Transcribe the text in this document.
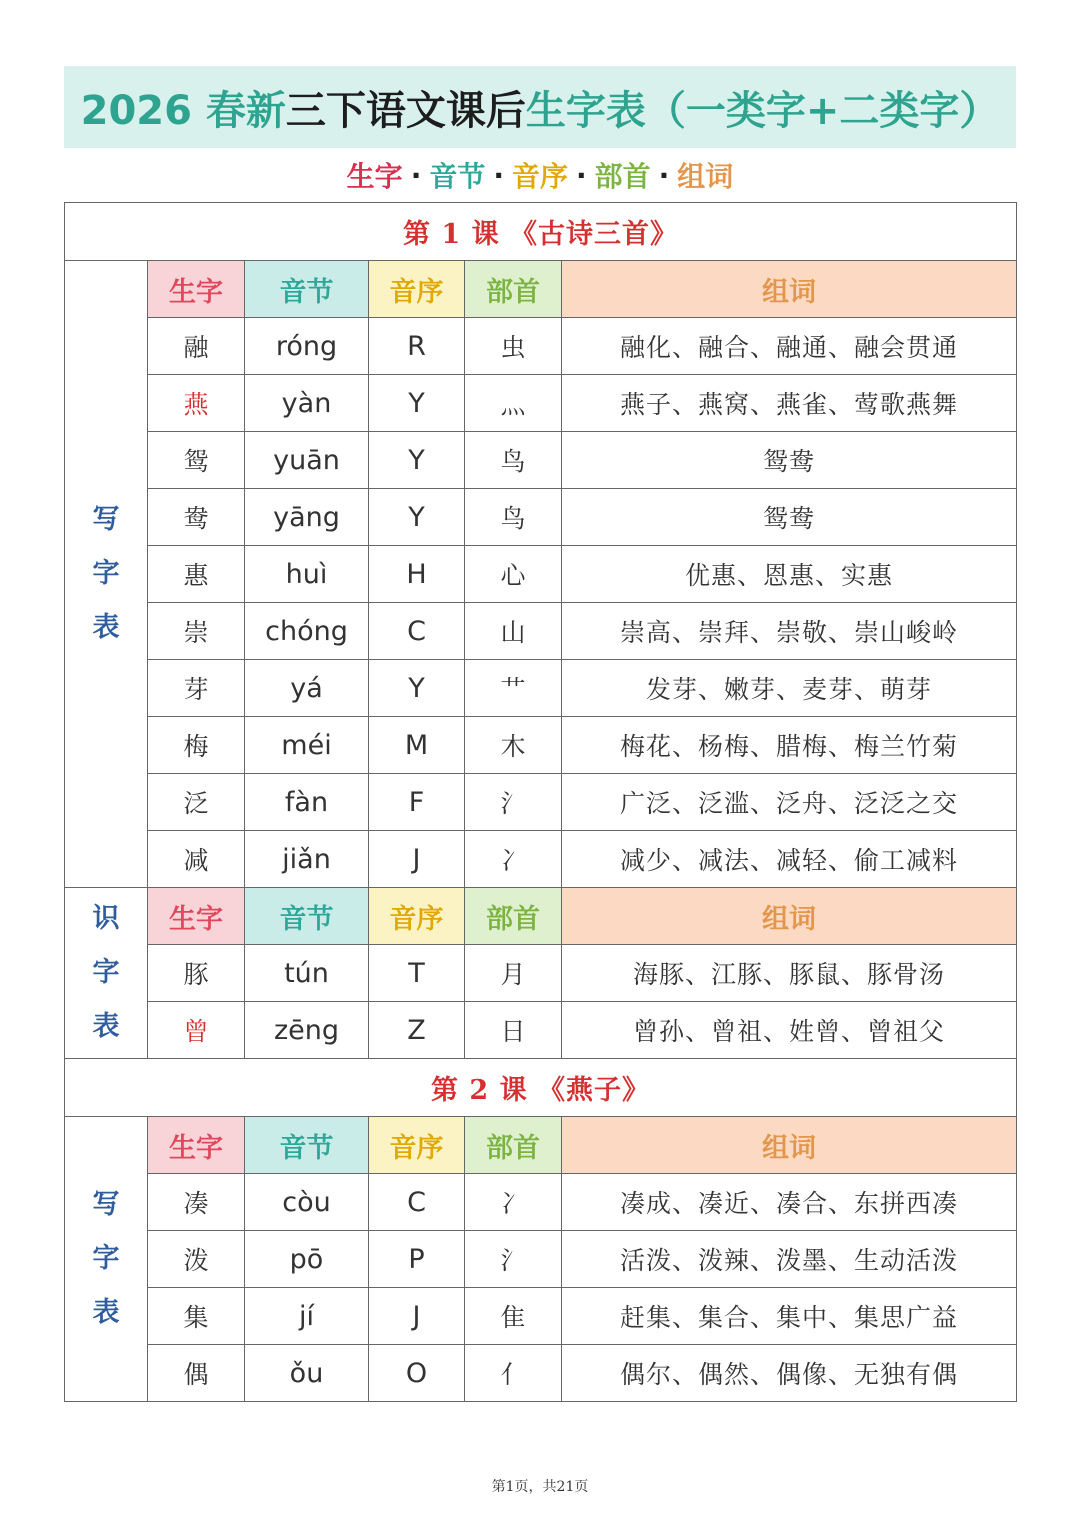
2026 春新 三下语文课后 生字表（一类字+二类字）
生字 · 音节 · 音序 · 部首 · 组词
第 1 课 《古诗三首》					

写
字
表	生字	音节	音序	部首	组词
	融	róng	R	虫	融化、融合、融通、融会贯通
	燕	yàn	Y	灬	燕子、燕窝、燕雀、莺歌燕舞
	鸳	yuān	Y	鸟	鸳鸯
	鸯	yāng	Y	鸟	鸳鸯
	惠	huì	H	心	优惠、恩惠、实惠
	崇	chóng	C	山	崇高、崇拜、崇敬、崇山峻岭
	芽	yá	Y	艹	发芽、嫩芽、麦芽、萌芽
	梅	méi	M	木	梅花、杨梅、腊梅、梅兰竹菊
	泛	fàn	F	氵	广泛、泛滥、泛舟、泛泛之交
	减	jiǎn	J	冫	减少、减法、减轻、偷工减料

识
字
表	生字	音节	音序	部首	组词
	豚	tún	T	月	海豚、江豚、豚鼠、豚骨汤
	曾	zēng	Z	日	曾孙、曾祖、姓曾、曾祖父
第 2 课 《燕子》					

写
字
表	生字	音节	音序	部首	组词
	凑	còu	C	冫	凑成、凑近、凑合、东拼西凑
	泼	pō	P	氵	活泼、泼辣、泼墨、生动活泼
	集	jí	J	隹	赶集、集合、集中、集思广益
	偶	ǒu	O	亻	偶尔、偶然、偶像、无独有偶
第1页，共21页
